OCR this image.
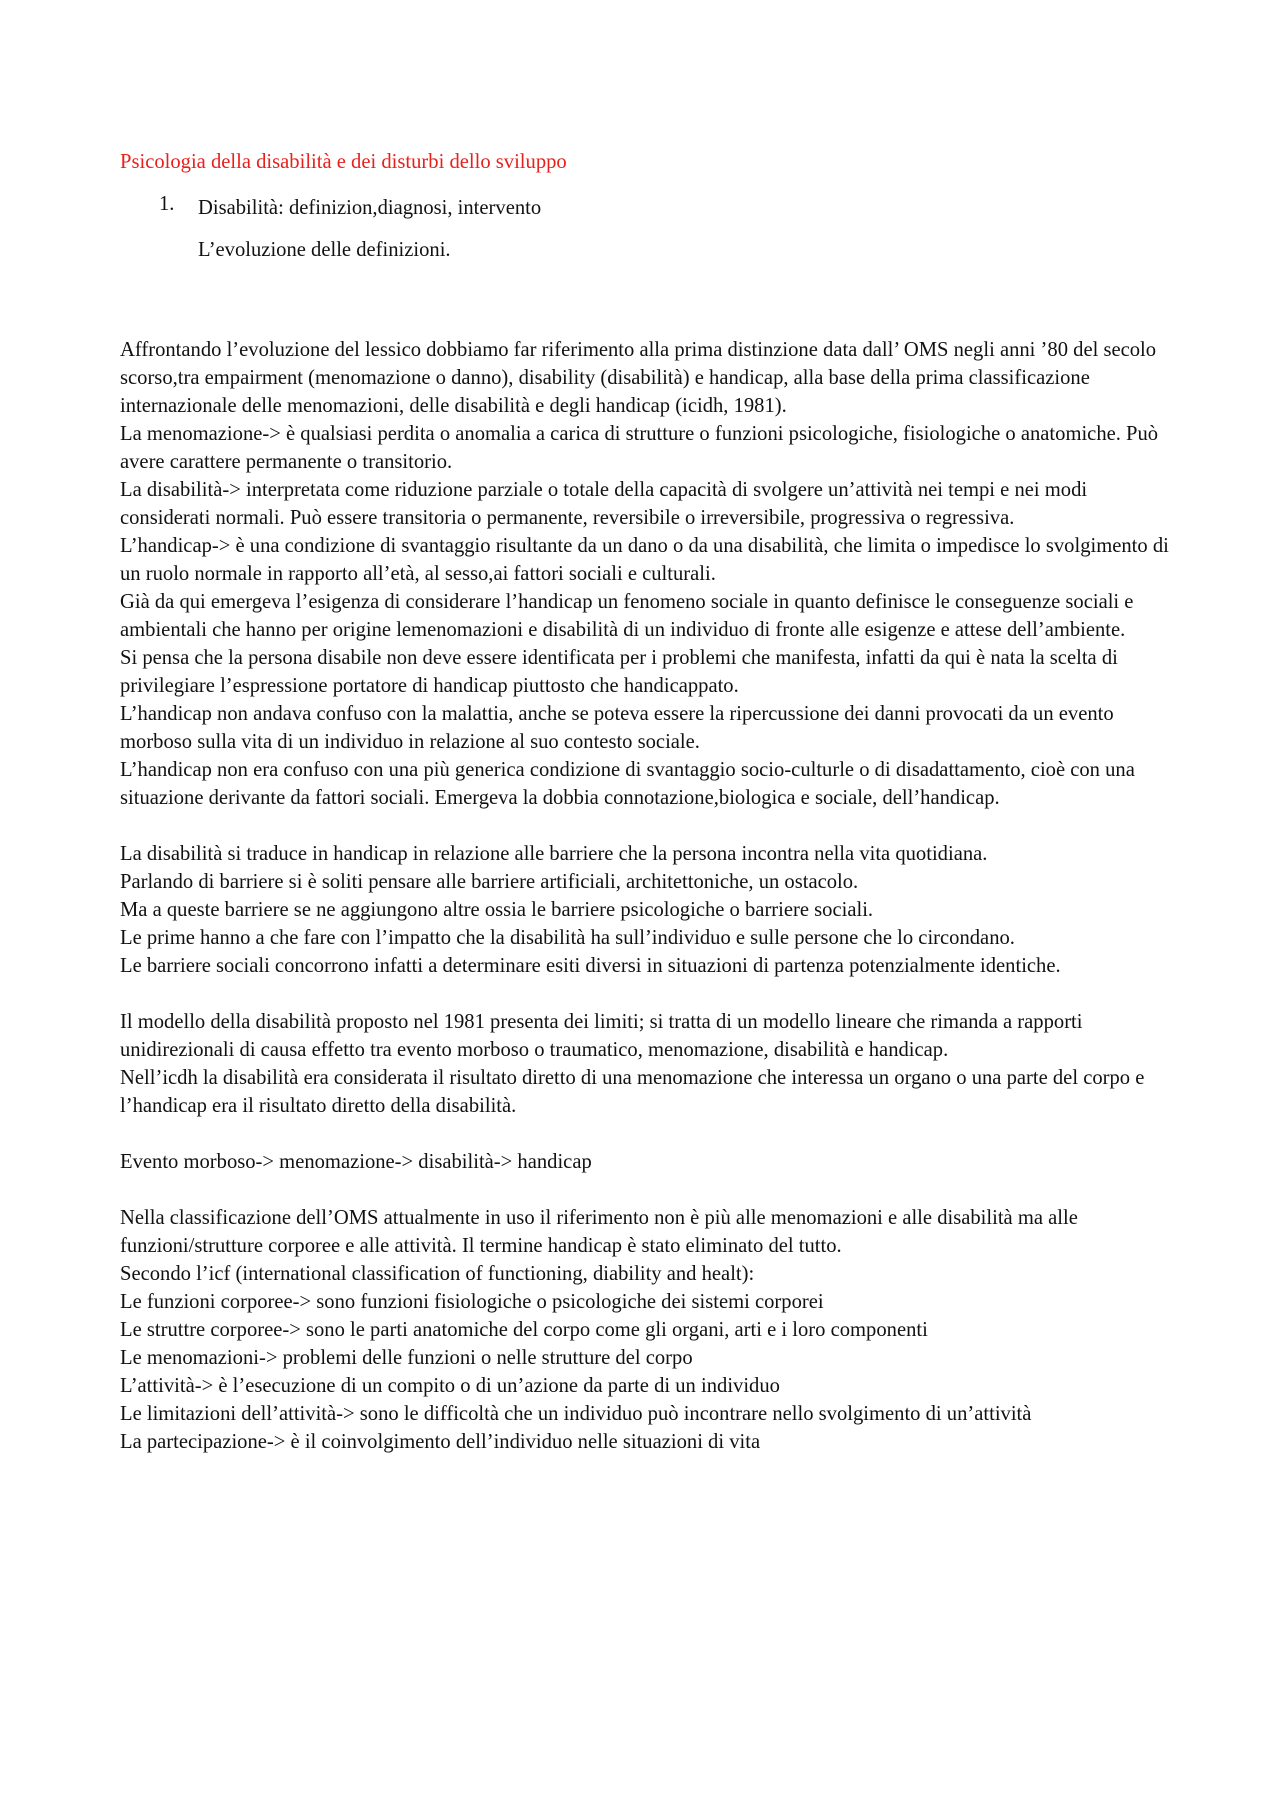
Psicologia della disabilità e dei disturbi dello sviluppo

1. Disabilità: definizion,diagnosi, intervento
L’evoluzione delle definizioni.

Affrontando l’evoluzione del lessico dobbiamo far riferimento alla prima distinzione data dall’ OMS negli anni ’80 del secolo scorso,tra empairment (menomazione o danno), disability (disabilità) e handicap, alla base della prima classificazione internazionale delle menomazioni, delle disabilità e degli handicap (icidh, 1981).

La menomazione-> è qualsiasi perdita o anomalia a carica di strutture o funzioni psicologiche, fisiologiche o anatomiche. Può avere carattere permanente o transitorio.

La disabilità-> interpretata come riduzione parziale o totale della capacità di svolgere un’attività nei tempi e nei modi considerati normali. Può essere transitoria o permanente, reversibile o irreversibile, progressiva o regressiva.

L’handicap-> è una condizione di svantaggio risultante da un dano o da una disabilità, che limita o impedisce lo svolgimento di un ruolo normale in rapporto all’età, al sesso,ai fattori sociali e culturali.

Già da qui emergeva l’esigenza di considerare l’handicap un fenomeno sociale in quanto definisce le conseguenze sociali e ambientali che hanno per origine lemenomazioni e disabilità di un individuo di fronte alle esigenze e attese dell’ambiente.

Si pensa che la persona disabile non deve essere identificata per i problemi che manifesta, infatti da qui è nata la scelta di privilegiare l’espressione portatore di handicap piuttosto che handicappato.

L’handicap non andava confuso con la malattia, anche se poteva essere la ripercussione dei danni provocati da un evento morboso sulla vita di un individuo in relazione al suo contesto sociale.

L’handicap non era confuso con una più generica condizione di svantaggio socio-culturle o di disadattamento, cioè con una situazione derivante da fattori sociali. Emergeva la dobbia connotazione,biologica e sociale, dell’handicap.

La disabilità si traduce in handicap in relazione alle barriere che la persona incontra nella vita quotidiana.

Parlando di barriere si è soliti pensare alle barriere artificiali, architettoniche, un ostacolo.

Ma a queste barriere se ne aggiungono altre ossia le barriere psicologiche o barriere sociali.

Le prime hanno a che fare con l’impatto che la disabilità ha sull’individuo e sulle persone che lo circondano.

Le barriere sociali concorrono infatti a determinare esiti diversi in situazioni di partenza potenzialmente identiche.

Il modello della disabilità proposto nel 1981 presenta dei limiti; si tratta di un modello lineare che rimanda a rapporti unidirezionali di causa effetto tra evento morboso o traumatico, menomazione, disabilità e handicap.

Nell’icdh la disabilità era considerata il risultato diretto di una menomazione che interessa un organo o una parte del corpo e l’handicap era il risultato diretto della disabilità.

Evento morboso-> menomazione-> disabilità-> handicap

Nella classificazione dell’OMS attualmente in uso il riferimento non è più alle menomazioni e alle disabilità ma alle funzioni/strutture corporee e alle attività. Il termine handicap è stato eliminato del tutto.

Secondo l’icf (international classification of functioning, diability and healt):

Le funzioni corporee-> sono funzioni fisiologiche o psicologiche dei sistemi corporei

Le struttre corporee-> sono le parti anatomiche del corpo come gli organi, arti e i loro componenti

Le menomazioni-> problemi delle funzioni o nelle strutture del corpo

L’attività-> è l’esecuzione di un compito o di un’azione da parte di un individuo

Le limitazioni dell’attività-> sono le difficoltà che un individuo può incontrare nello svolgimento di un’attività

La partecipazione-> è il coinvolgimento dell’individuo nelle situazioni di vita
